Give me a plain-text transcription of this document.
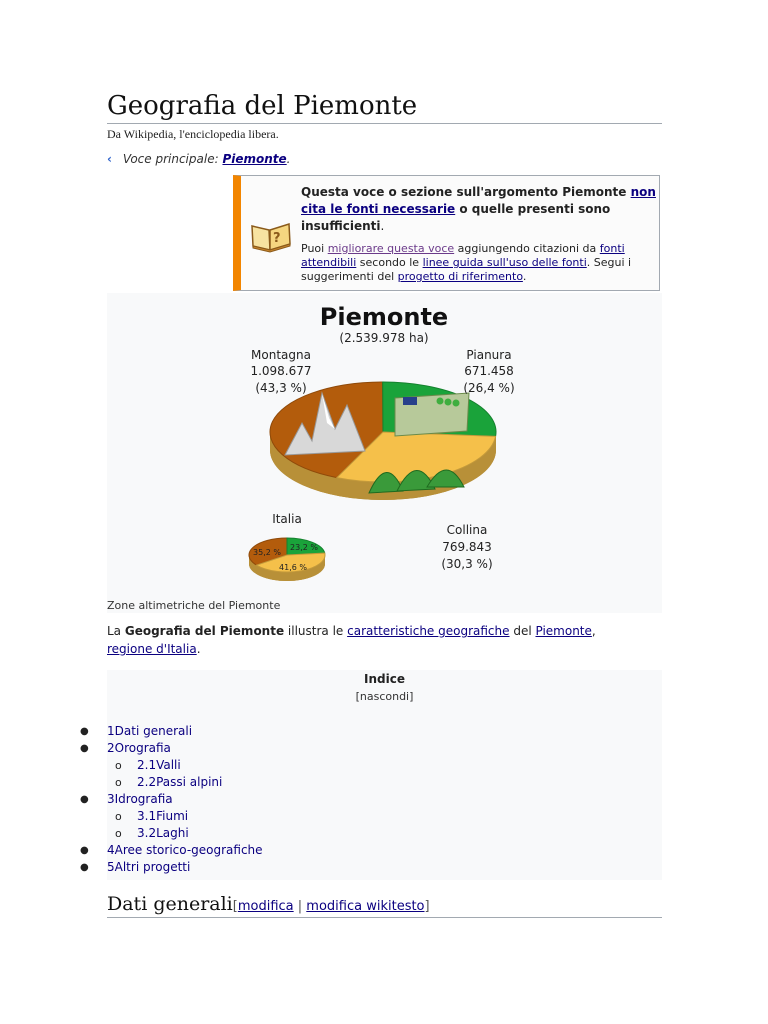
Geografia del Piemonte
Da Wikipedia, l'enciclopedia libera.
‹ Voce principale: Piemonte.
?
Questa voce o sezione sull'argomento Piemonte non cita le fonti necessarie o quelle presenti sono insufficienti.
Puoi migliorare questa voce aggiungendo citazioni da fonti attendibili secondo le linee guida sull'uso delle fonti. Segui i suggerimenti del progetto di riferimento.
Piemonte
(2.539.978 ha)
Montagna
1.098.677
(43,3 %)
Pianura
671.458
(26,4 %)
Collina
769.843
(30,3 %)
Italia
35,2 %
23,2 %
41,6 %
Zone altimetriche del Piemonte
La Geografia del Piemonte illustra le caratteristiche geografiche del Piemonte, regione d'Italia.
Indice
[nascondi]
● 1Dati generali
● 2Orografia
o 2.1Valli
o 2.2Passi alpini
● 3Idrografia
o 3.1Fiumi
o 3.2Laghi
● 4Aree storico-geografiche
● 5Altri progetti
Dati generali[modifica | modifica wikitesto]
